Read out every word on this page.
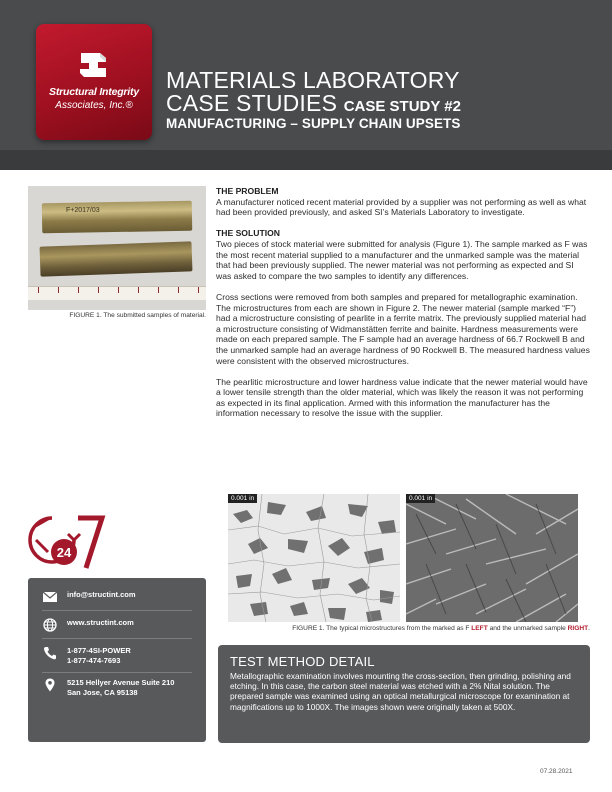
Structural Integrity
Associates, Inc.®
MATERIALS LABORATORY
CASE STUDIES CASE STUDY #2
MANUFACTURING – SUPPLY CHAIN UPSETS
F+2017/03
FIGURE 1. The submitted samples of material.
THE PROBLEM

A manufacturer noticed recent material provided by a supplier was not performing as well as what had been provided previously, and asked SI’s Materials Laboratory to investigate.

THE SOLUTION

Two pieces of stock material were submitted for analysis (Figure 1). The sample marked as F was the most recent material supplied to a manufacturer and the unmarked sample was the material that had been previously supplied. The newer material was not performing as expected and SI was asked to compare the two samples to identify any differences.

Cross sections were removed from both samples and prepared for metallographic examination. The microstructures from each are shown in Figure 2. The newer material (sample marked “F”) had a microstructure consisting of pearlite in a ferrite matrix. The previously supplied material had a microstructure consisting of Widmanstätten ferrite and bainite. Hardness measurements were made on each prepared sample. The F sample had an average hardness of 66.7 Rockwell B and the unmarked sample had an average hardness of 90 Rockwell B. The measured hardness values were consistent with the observed microstructures.

The pearlitic microstructure and lower hardness value indicate that the newer material would have a lower tensile strength than the older material, which was likely the reason it was not performing as expected in its final application. Armed with this information the manufacturer has the information necessary to resolve the issue with the supplier.

0.001 in	0.001 in
FIGURE 1. The typical microstructures from the marked as F LEFT and the unmarked sample RIGHT.
24
info@structint.com
www.structint.com
1-877-4SI-POWER
1-877-474-7693
5215 Hellyer Avenue Suite 210
San Jose, CA 95138
TEST METHOD DETAIL
Metallographic examination involves mounting the cross-section, then grinding, polishing and etching. In this case, the carbon steel material was etched with a 2% Nital solution. The prepared sample was examined using an optical metallurgical microscope for examination at magnifications up to 1000X. The images shown were originally taken at 500X.
07.28.2021
